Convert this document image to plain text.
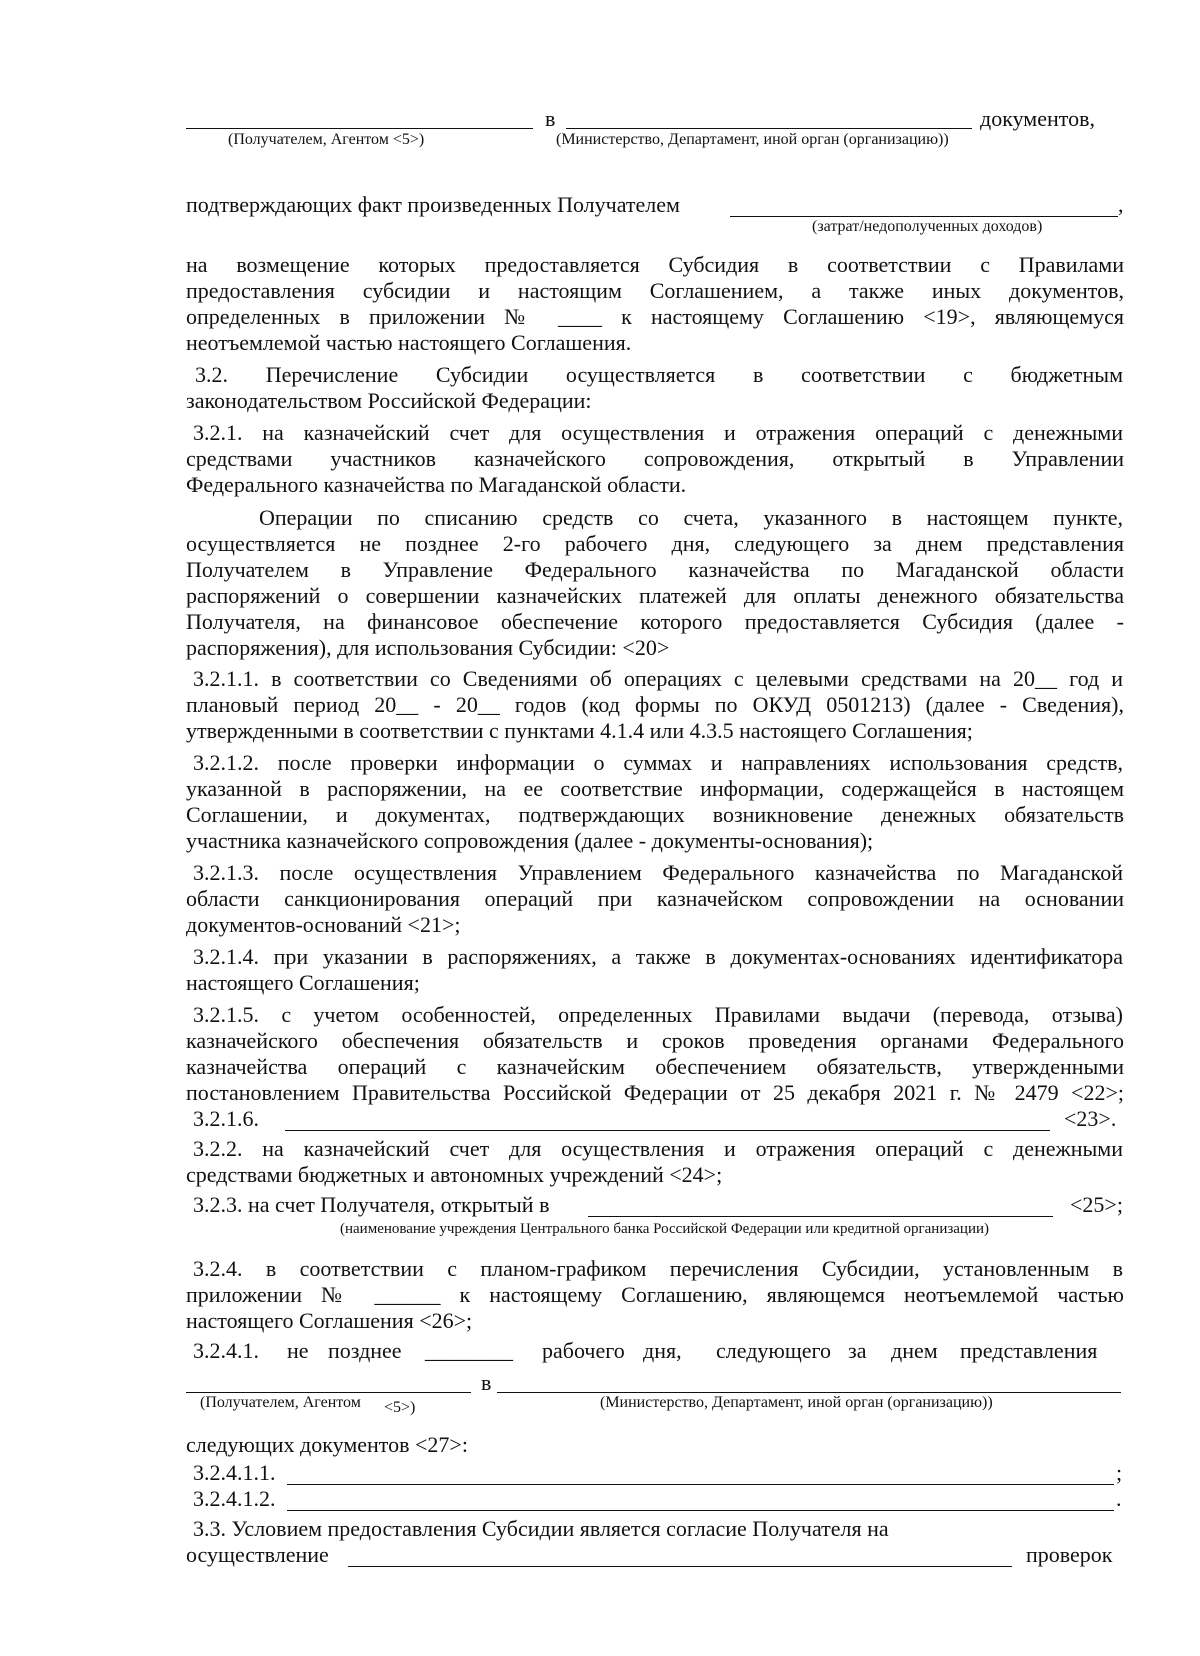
в	документов,
(Получателем, Агентом <5>)	(Министерство, Департамент, иной орган (организацию))
подтверждающих факт произведенных Получателем	,
(затрат/недополученных доходов)
на возмещение которых предоставляется Субсидия в соответствии с Правилами
предоставления субсидии и настоящим Соглашением, а также иных документов,
определенных в приложении № ____ к настоящему Соглашению <19>, являющемуся
неотъемлемой частью настоящего Соглашения.
3.2. Перечисление Субсидии осуществляется в соответствии с бюджетным
законодательством Российской Федерации:
3.2.1. на казначейский счет для осуществления и отражения операций с денежными
средствами участников казначейского сопровождения, открытый в Управлении
Федерального казначейства по Магаданской области.
Операции по списанию средств со счета, указанного в настоящем пункте,
осуществляется не позднее 2-го рабочего дня, следующего за днем представления
Получателем в Управление Федерального казначейства по Магаданской области
распоряжений о совершении казначейских платежей для оплаты денежного обязательства
Получателя, на финансовое обеспечение которого предоставляется Субсидия (далее -
распоряжения), для использования Субсидии: <20>
3.2.1.1. в соответствии со Сведениями об операциях с целевыми средствами на 20__ год и
плановый период 20__ - 20__ годов (код формы по ОКУД 0501213) (далее - Сведения),
утвержденными в соответствии с пунктами 4.1.4 или 4.3.5 настоящего Соглашения;
3.2.1.2. после проверки информации о суммах и направлениях использования средств,
указанной в распоряжении, на ее соответствие информации, содержащейся в настоящем
Соглашении, и документах, подтверждающих возникновение денежных обязательств
участника казначейского сопровождения (далее - документы-основания);
3.2.1.3. после осуществления Управлением Федерального казначейства по Магаданской
области санкционирования операций при казначейском сопровождении на основании
документов-оснований <21>;
3.2.1.4. при указании в распоряжениях, а также в документах-основаниях идентификатора
настоящего Соглашения;
3.2.1.5. с учетом особенностей, определенных Правилами выдачи (перевода, отзыва)
казначейского обеспечения обязательств и сроков проведения органами Федерального
казначейства операций с казначейским обеспечением обязательств, утвержденными
постановлением Правительства Российской Федерации от 25 декабря 2021 г. № 2479 <22>;
3.2.1.6.	<23>.
3.2.2. на казначейский счет для осуществления и отражения операций с денежными
средствами бюджетных и автономных учреждений <24>;
3.2.3. на счет Получателя, открытый в	<25>;
(наименование учреждения Центрального банка Российской Федерации или кредитной организации)
3.2.4. в соответствии с планом-графиком перечисления Субсидии, установленным в
приложении № ______ к настоящему Соглашению, являющемся неотъемлемой частью
настоящего Соглашения <26>;
3.2.4.1. не позднее ________ рабочего дня, следующего за днем представления
в
(Получателем, Агентом <5>)	(Министерство, Департамент, иной орган (организацию))
следующих документов <27>:
3.2.4.1.1.	;
3.2.4.1.2.	.
3.3. Условием предоставления Субсидии является согласие Получателя на
осуществление	проверок
